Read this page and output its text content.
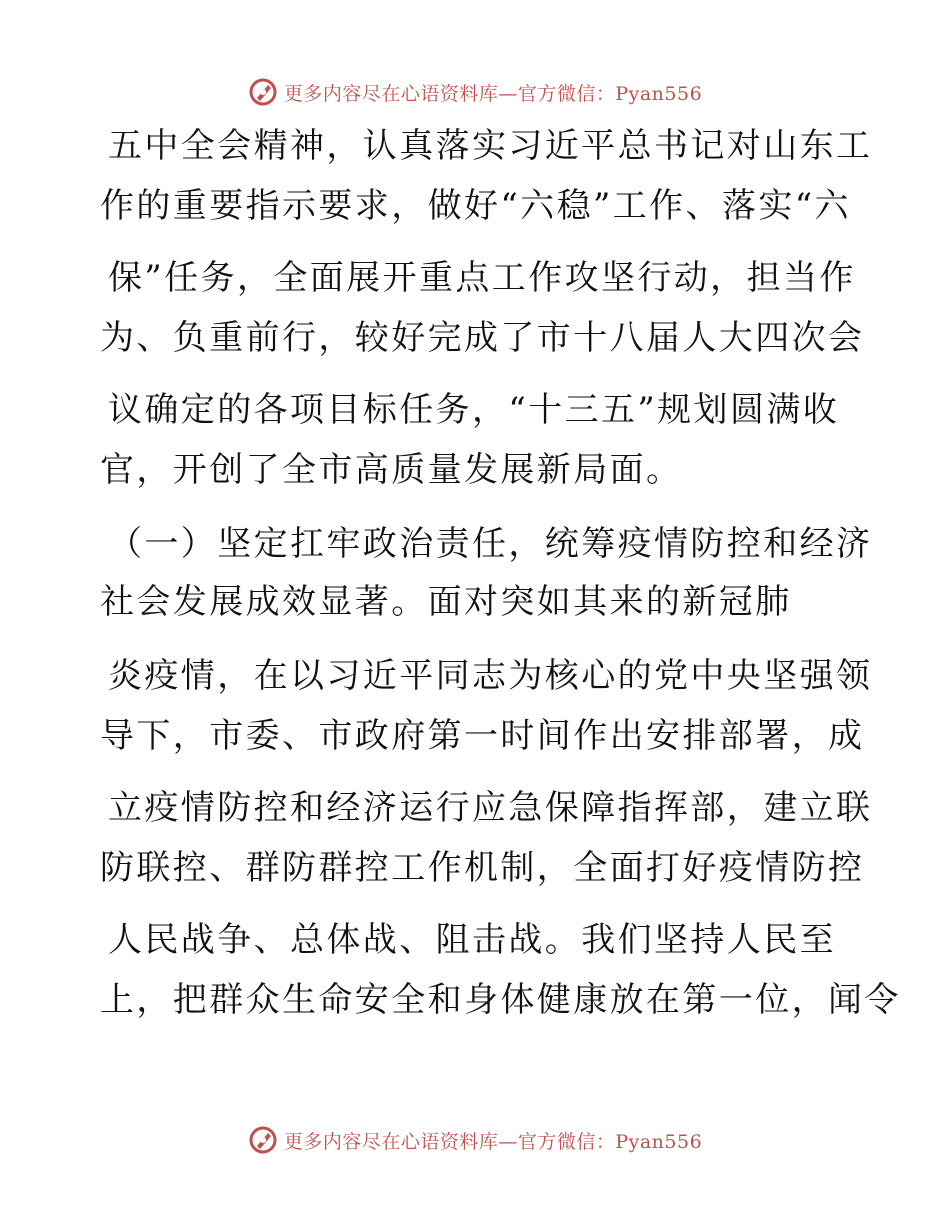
更多内容尽在心语资料库—官方微信：Pyan556
五中全会精神，认真落实习近平总书记对山东工
作的重要指示要求，做好“六稳”工作、落实“六
保”任务，全面展开重点工作攻坚行动，担当作
为、负重前行，较好完成了市十八届人大四次会
议确定的各项目标任务，“十三五”规划圆满收
官，开创了全市高质量发展新局面。
（一）坚定扛牢政治责任，统筹疫情防控和经济
社会发展成效显著。面对突如其来的新冠肺
炎疫情，在以习近平同志为核心的党中央坚强领
导下，市委、市政府第一时间作出安排部署，成
立疫情防控和经济运行应急保障指挥部，建立联
防联控、群防群控工作机制，全面打好疫情防控
人民战争、总体战、阻击战。我们坚持人民至
上，把群众生命安全和身体健康放在第一位，闻令
更多内容尽在心语资料库—官方微信：Pyan556
